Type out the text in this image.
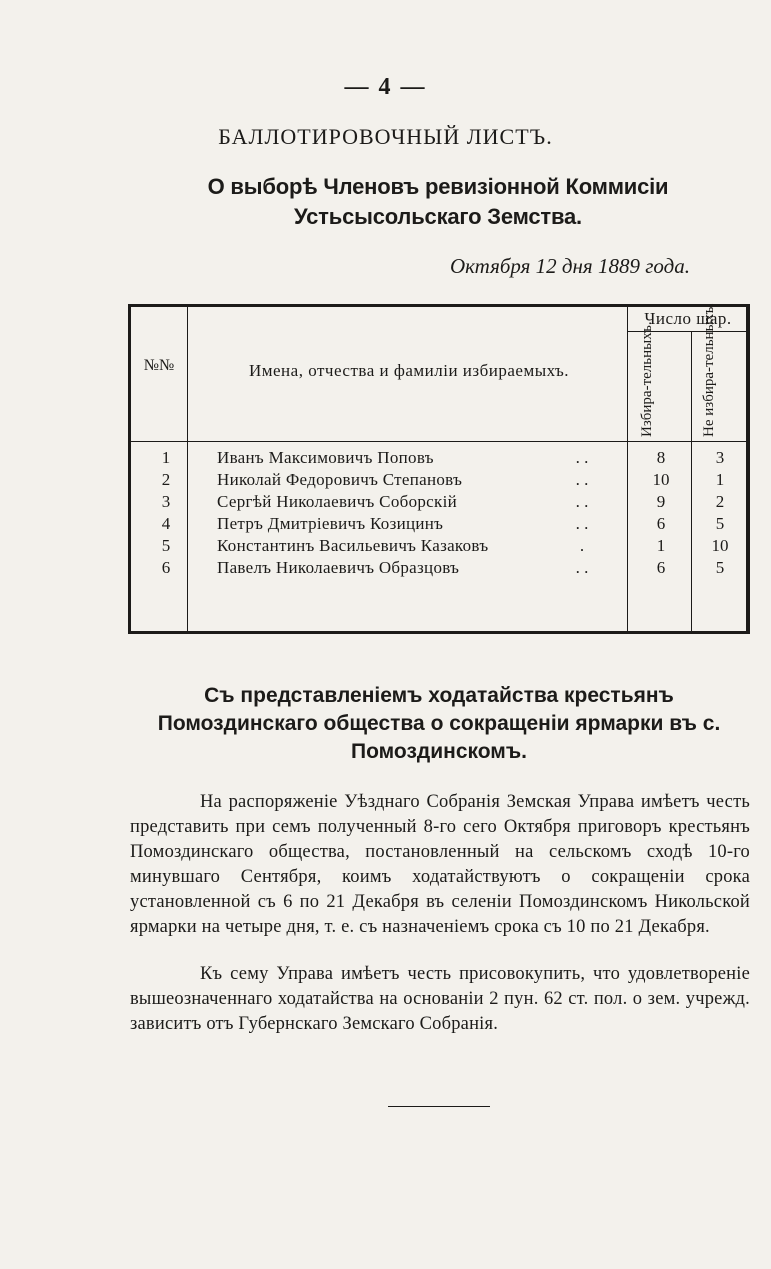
— 4 —
БАЛЛОТИРОВОЧНЫЙ ЛИСТЪ.
О выборѣ Членовъ ревизіонной Коммисіи Устьсысольскаго Земства.
Октября 12 дня 1889 года.
№№	Имена, отчества и фамиліи избираемыхъ.
Число шар.
Избира-тельныхъ.	Не избира-тельныхъ.
1	Иванъ Максимовичъ Поповъ	. .	8	3
2	Николай Федоровичъ Степановъ	. .	10	1
3	Сергѣй Николаевичъ Соборскій	. .	9	2
4	Петръ Дмитріевичъ Козицинъ	. .	6	5
5	Константинъ Васильевичъ Казаковъ	.	1	10
6	Павелъ Николаевичъ Образцовъ	. .	6	5
Съ представленіемъ ходатайства крестьянъ Помоздинскаго общества о сокращеніи ярмарки въ с. Помоздинскомъ.
На распоряженіе Уѣзднаго Собранія Земская Управа имѣетъ честь представить при семъ полученный 8-го сего Октября приговоръ крестьянъ Помоздинскаго общества, постановленный на сельскомъ сходѣ 10-го минувшаго Сентября, коимъ ходатайствуютъ о сокращеніи срока установленной съ 6 по 21 Декабря въ селеніи Помоздинскомъ Никольской ярмарки на четыре дня, т. е. съ назначеніемъ срока съ 10 по 21 Декабря.
Къ сему Управа имѣетъ честь присовокупить, что удовлетвореніе вышеозначеннаго ходатайства на основаніи 2 пун. 62 ст. пол. о зем. учрежд. зависитъ отъ Губернскаго Земскаго Собранія.
